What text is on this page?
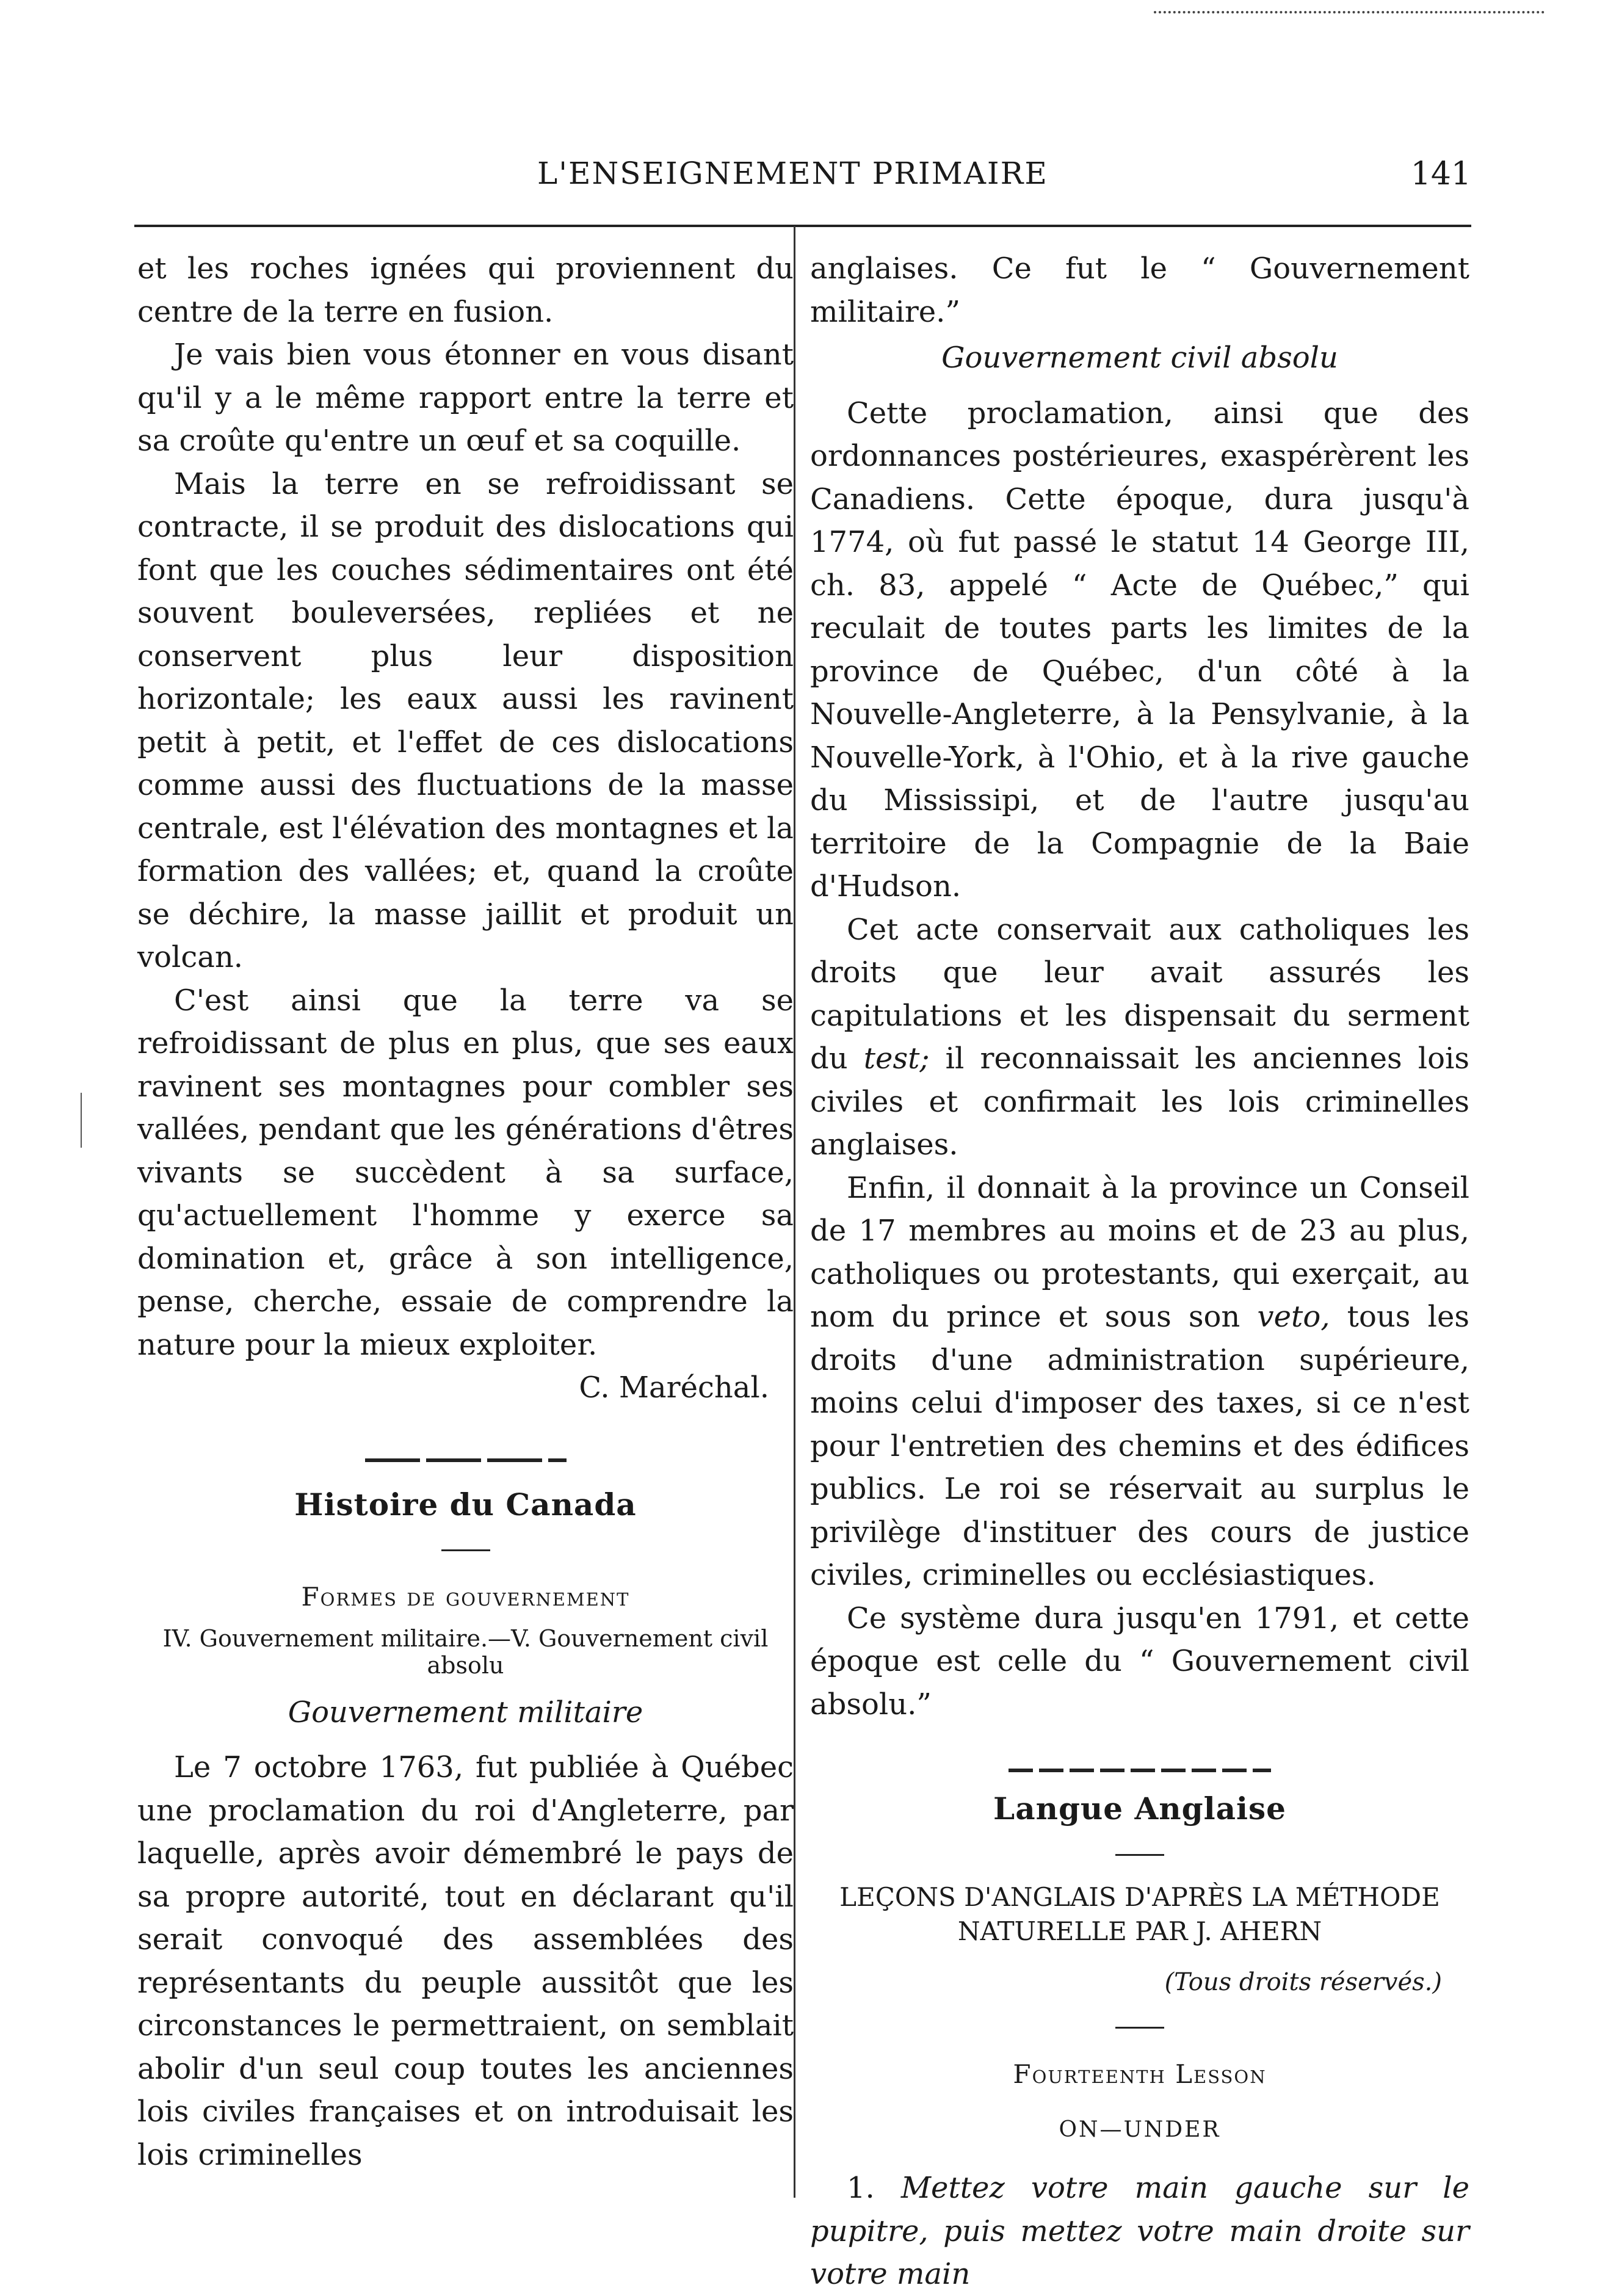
L'ENSEIGNEMENT PRIMAIRE	141

et les roches ignées qui proviennent du centre de la terre en fusion.

Je vais bien vous étonner en vous disant qu'il y a le même rapport entre la terre et sa croûte qu'entre un œuf et sa coquille.

Mais la terre en se refroidissant se contracte, il se produit des dislocations qui font que les couches sédimentaires ont été souvent bouleversées, repliées et ne conservent plus leur disposition horizontale; les eaux aussi les ravinent petit à petit, et l'effet de ces dislocations comme aussi des fluctuations de la masse centrale, est l'élévation des montagnes et la formation des vallées; et, quand la croûte se déchire, la masse jaillit et produit un volcan.

C'est ainsi que la terre va se refroidissant de plus en plus, que ses eaux ravinent ses montagnes pour combler ses vallées, pendant que les générations d'êtres vivants se succèdent à sa surface, qu'actuellement l'homme y exerce sa domination et, grâce à son intelligence, pense, cherche, essaie de comprendre la nature pour la mieux exploiter.

C. Maréchal.

Histoire du Canada
Formes de gouvernement
IV. Gouvernement militaire.—V. Gouvernement civil absolu
Gouvernement militaire

Le 7 octobre 1763, fut publiée à Québec une proclamation du roi d'Angleterre, par laquelle, après avoir démembré le pays de sa propre autorité, tout en déclarant qu'il serait convoqué des assemblées des représentants du peuple aussitôt que les circonstances le permettraient, on semblait abolir d'un seul coup toutes les anciennes lois civiles françaises et on introduisait les lois criminelles

anglaises. Ce fut le “ Gouvernement militaire.”

Gouvernement civil absolu

Cette proclamation, ainsi que des ordonnances postérieures, exaspérèrent les Canadiens. Cette époque, dura jusqu'à 1774, où fut passé le statut 14 George III, ch. 83, appelé “ Acte de Québec,” qui reculait de toutes parts les limites de la province de Québec, d'un côté à la Nouvelle-Angleterre, à la Pensylvanie, à la Nouvelle-York, à l'Ohio, et à la rive gauche du Mississipi, et de l'autre jusqu'au territoire de la Compagnie de la Baie d'Hudson.

Cet acte conservait aux catholiques les droits que leur avait assurés les capitulations et les dispensait du serment du test; il reconnaissait les anciennes lois civiles et confirmait les lois criminelles anglaises.

Enfin, il donnait à la province un Conseil de 17 membres au moins et de 23 au plus, catholiques ou protestants, qui exerçait, au nom du prince et sous son veto, tous les droits d'une administration supérieure, moins celui d'imposer des taxes, si ce n'est pour l'entretien des chemins et des édifices publics. Le roi se réservait au surplus le privilège d'instituer des cours de justice civiles, criminelles ou ecclésiastiques.

Ce système dura jusqu'en 1791, et cette époque est celle du “ Gouvernement civil absolu.”

Langue Anglaise
LEÇONS D'ANGLAIS D'APRÈS LA MÉTHODE NATURELLE PAR J. AHERN
(Tous droits réservés.)
Fourteenth Lesson
ON—UNDER

1. Mettez votre main gauche sur le pupitre, puis mettez votre main droite sur votre main
